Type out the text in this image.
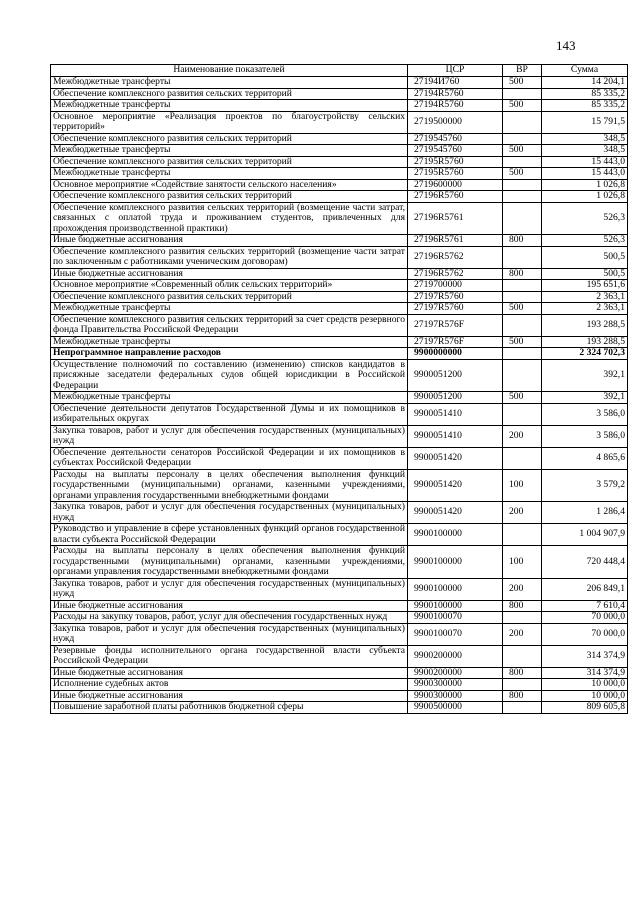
143
Наименование показателей	ЦСР	ВР	Сумма
Межбюджетные трансферты	27194И760	500	14 204,1
Обеспечение комплексного развития сельских территорий	27194R5760		85 335,2
Межбюджетные трансферты	27194R5760	500	85 335,2
Основное мероприятие «Реализация проектов по благоустройству сельских территорий»	2719500000		15 791,5
Обеспечение комплексного развития сельских территорий	2719545760		348,5
Межбюджетные трансферты	2719545760	500	348,5
Обеспечение комплексного развития сельских территорий	27195R5760		15 443,0
Межбюджетные трансферты	27195R5760	500	15 443,0
Основное мероприятие «Содействие занятости сельского населения»	2719600000		1 026,8
Обеспечение комплексного развития сельских территорий	27196R5760		1 026,8
Обеспечение комплексного развития сельских территорий (возмещение части затрат, связанных с оплатой труда и проживанием студентов, привлеченных для прохождения производственной практики)	27196R5761		526,3
Иные бюджетные ассигнования	27196R5761	800	526,3
Обеспечение комплексного развития сельских территорий (возмещение части затрат по заключенным с работниками ученическим договорам)	27196R5762		500,5
Иные бюджетные ассигнования	27196R5762	800	500,5
Основное мероприятие «Современный облик сельских территорий»	2719700000		195 651,6
Обеспечение комплексного развития сельских территорий	27197R5760		2 363,1
Межбюджетные трансферты	27197R5760	500	2 363,1
Обеспечение комплексного развития сельских территорий за счет средств резервного фонда Правительства Российской Федерации	27197R576F		193 288,5
Межбюджетные трансферты	27197R576F	500	193 288,5
Непрограммное направление расходов	9900000000		2 324 702,3
Осуществление полномочий по составлению (изменению) списков кандидатов в присяжные заседатели федеральных судов общей юрисдикции в Российской Федерации	9900051200		392,1
Межбюджетные трансферты	9900051200	500	392,1
Обеспечение деятельности депутатов Государственной Думы и их помощников в избирательных округах	9900051410		3 586,0
Закупка товаров, работ и услуг для обеспечения государственных (муниципальных) нужд	9900051410	200	3 586,0
Обеспечение деятельности сенаторов Российской Федерации и их помощников в субъектах Российской Федерации	9900051420		4 865,6
Расходы на выплаты персоналу в целях обеспечения выполнения функций государственными (муниципальными) органами, казенными учреждениями, органами управления государственными внебюджетными фондами	9900051420	100	3 579,2
Закупка товаров, работ и услуг для обеспечения государственных (муниципальных) нужд	9900051420	200	1 286,4
Руководство и управление в сфере установленных функций органов государственной власти субъекта Российской Федерации	9900100000		1 004 907,9
Расходы на выплаты персоналу в целях обеспечения выполнения функций государственными (муниципальными) органами, казенными учреждениями, органами управления государственными внебюджетными фондами	9900100000	100	720 448,4
Закупка товаров, работ и услуг для обеспечения государственных (муниципальных) нужд	9900100000	200	206 849,1
Иные бюджетные ассигнования	9900100000	800	7 610,4
Расходы на закупку товаров, работ, услуг для обеспечения государственных нужд	9900100070		70 000,0
Закупка товаров, работ и услуг для обеспечения государственных (муниципальных) нужд	9900100070	200	70 000,0
Резервные фонды исполнительного органа государственной власти субъекта Российской Федерации	9900200000		314 374,9
Иные бюджетные ассигнования	9900200000	800	314 374,9
Исполнение судебных актов	9900300000		10 000,0
Иные бюджетные ассигнования	9900300000	800	10 000,0
Повышение заработной платы работников бюджетной сферы	9900500000		809 605,8
